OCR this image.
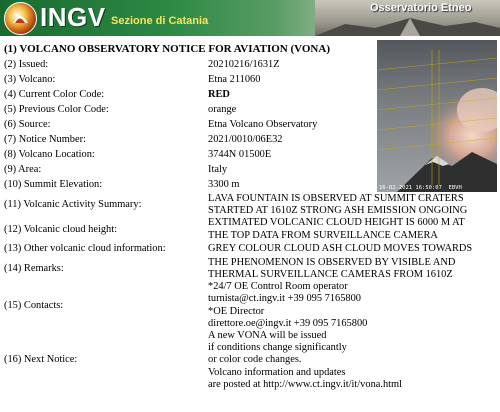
INGV Sezione di Catania
Osservatorio Etneo
(1) VOLCANO OBSERVATORY NOTICE FOR AVIATION (VONA)
16-02-2021 16:50:07 EBVH
(2) Issued:	20210216/1631Z
(3) Volcano:	Etna 211060
(4) Current Color Code:	RED
(5) Previous Color Code:	orange
(6) Source:	Etna Volcano Observatory
(7) Notice Number:	2021/0010/06E32
(8) Volcano Location:	3744N 01500E
(9) Area:	Italy
(10) Summit Elevation:	3300 m
(11) Volcanic Activity Summary:	LAVA FOUNTAIN IS OBSERVED AT SUMMIT CRATERS
STARTED AT 1610Z STRONG ASH EMISSION ONGOING
(12) Volcanic cloud height:	EXTIMATED VOLCANIC CLOUD HEIGHT IS 6000 M AT
THE TOP DATA FROM SURVEILLANCE CAMERA
(13) Other volcanic cloud information:	GREY COLOUR CLOUD ASH CLOUD MOVES TOWARDS
(14) Remarks:	THE PHENOMENON IS OBSERVED BY VISIBLE AND
THERMAL SURVEILLANCE CAMERAS FROM 1610Z
(15) Contacts:	*24/7 OE Control Room operator
turnista@ct.ingv.it +39 095 7165800
*OE Director
direttore.oe@ingv.it +39 095 7165800
(16) Next Notice:	A new VONA will be issued
if conditions change significantly
or color code changes.
Volcano information and updates
are posted at http://www.ct.ingv.it/it/vona.html
